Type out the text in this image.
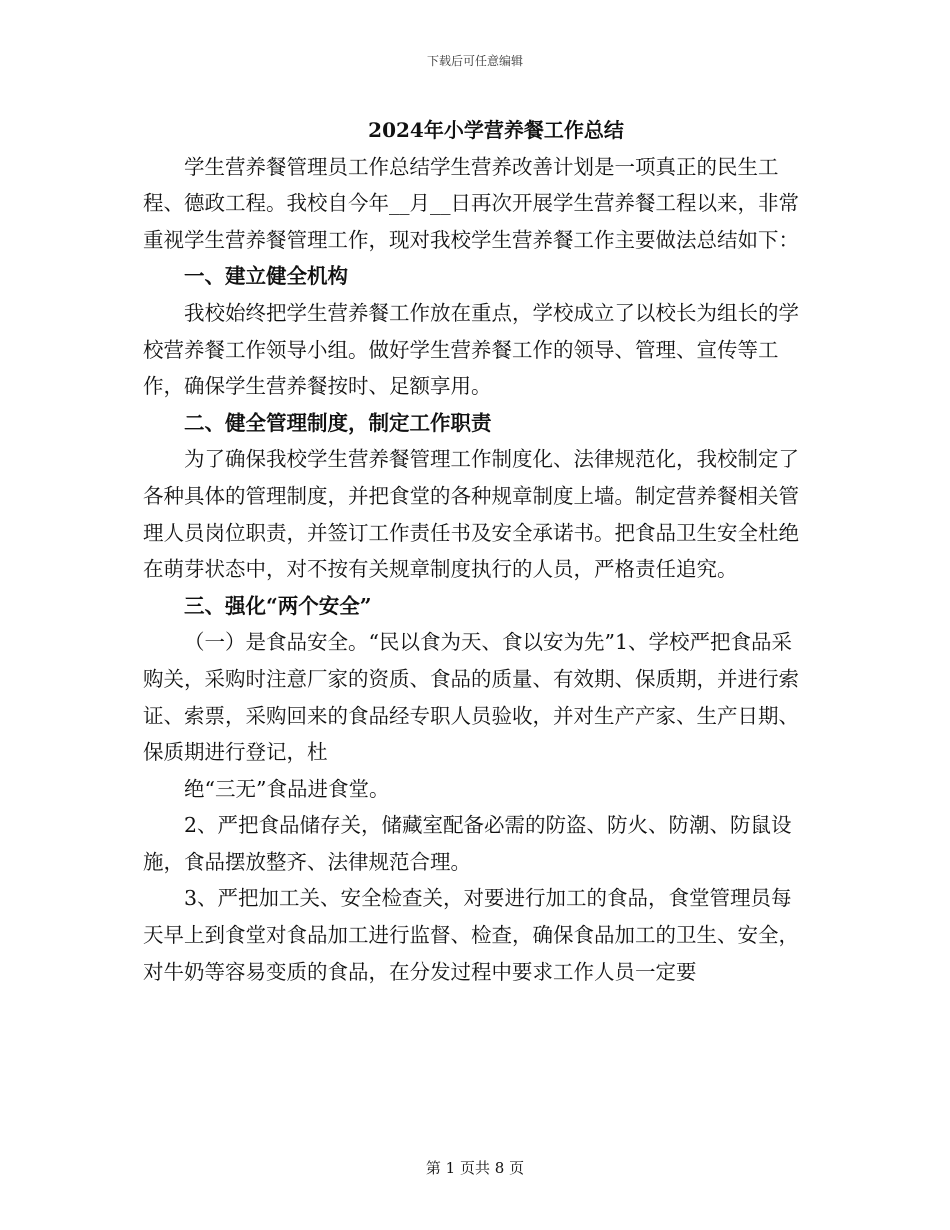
下载后可任意编辑
2024年小学营养餐工作总结

学生营养餐管理员工作总结学生营养改善计划是一项真正的民生工程、德政工程。我校自今年__月__日再次开展学生营养餐工程以来，非常重视学生营养餐管理工作，现对我校学生营养餐工作主要做法总结如下：

一、建立健全机构

我校始终把学生营养餐工作放在重点，学校成立了以校长为组长的学校营养餐工作领导小组。做好学生营养餐工作的领导、管理、宣传等工作，确保学生营养餐按时、足额享用。

二、健全管理制度，制定工作职责

为了确保我校学生营养餐管理工作制度化、法律规范化，我校制定了各种具体的管理制度，并把食堂的各种规章制度上墙。制定营养餐相关管理人员岗位职责，并签订工作责任书及安全承诺书。把食品卫生安全杜绝在萌芽状态中，对不按有关规章制度执行的人员，严格责任追究。

三、强化“两个安全”

（一）是食品安全。“民以食为天、食以安为先”1、学校严把食品采购关，采购时注意厂家的资质、食品的质量、有效期、保质期，并进行索证、索票，采购回来的食品经专职人员验收，并对生产产家、生产日期、保质期进行登记，杜

绝“三无”食品进食堂。

2、严把食品储存关，储藏室配备必需的防盗、防火、防潮、防鼠设施，食品摆放整齐、法律规范合理。

3、严把加工关、安全检查关，对要进行加工的食品，食堂管理员每天早上到食堂对食品加工进行监督、检查，确保食品加工的卫生、安全，对牛奶等容易变质的食品，在分发过程中要求工作人员一定要

第 1 页共 8 页
